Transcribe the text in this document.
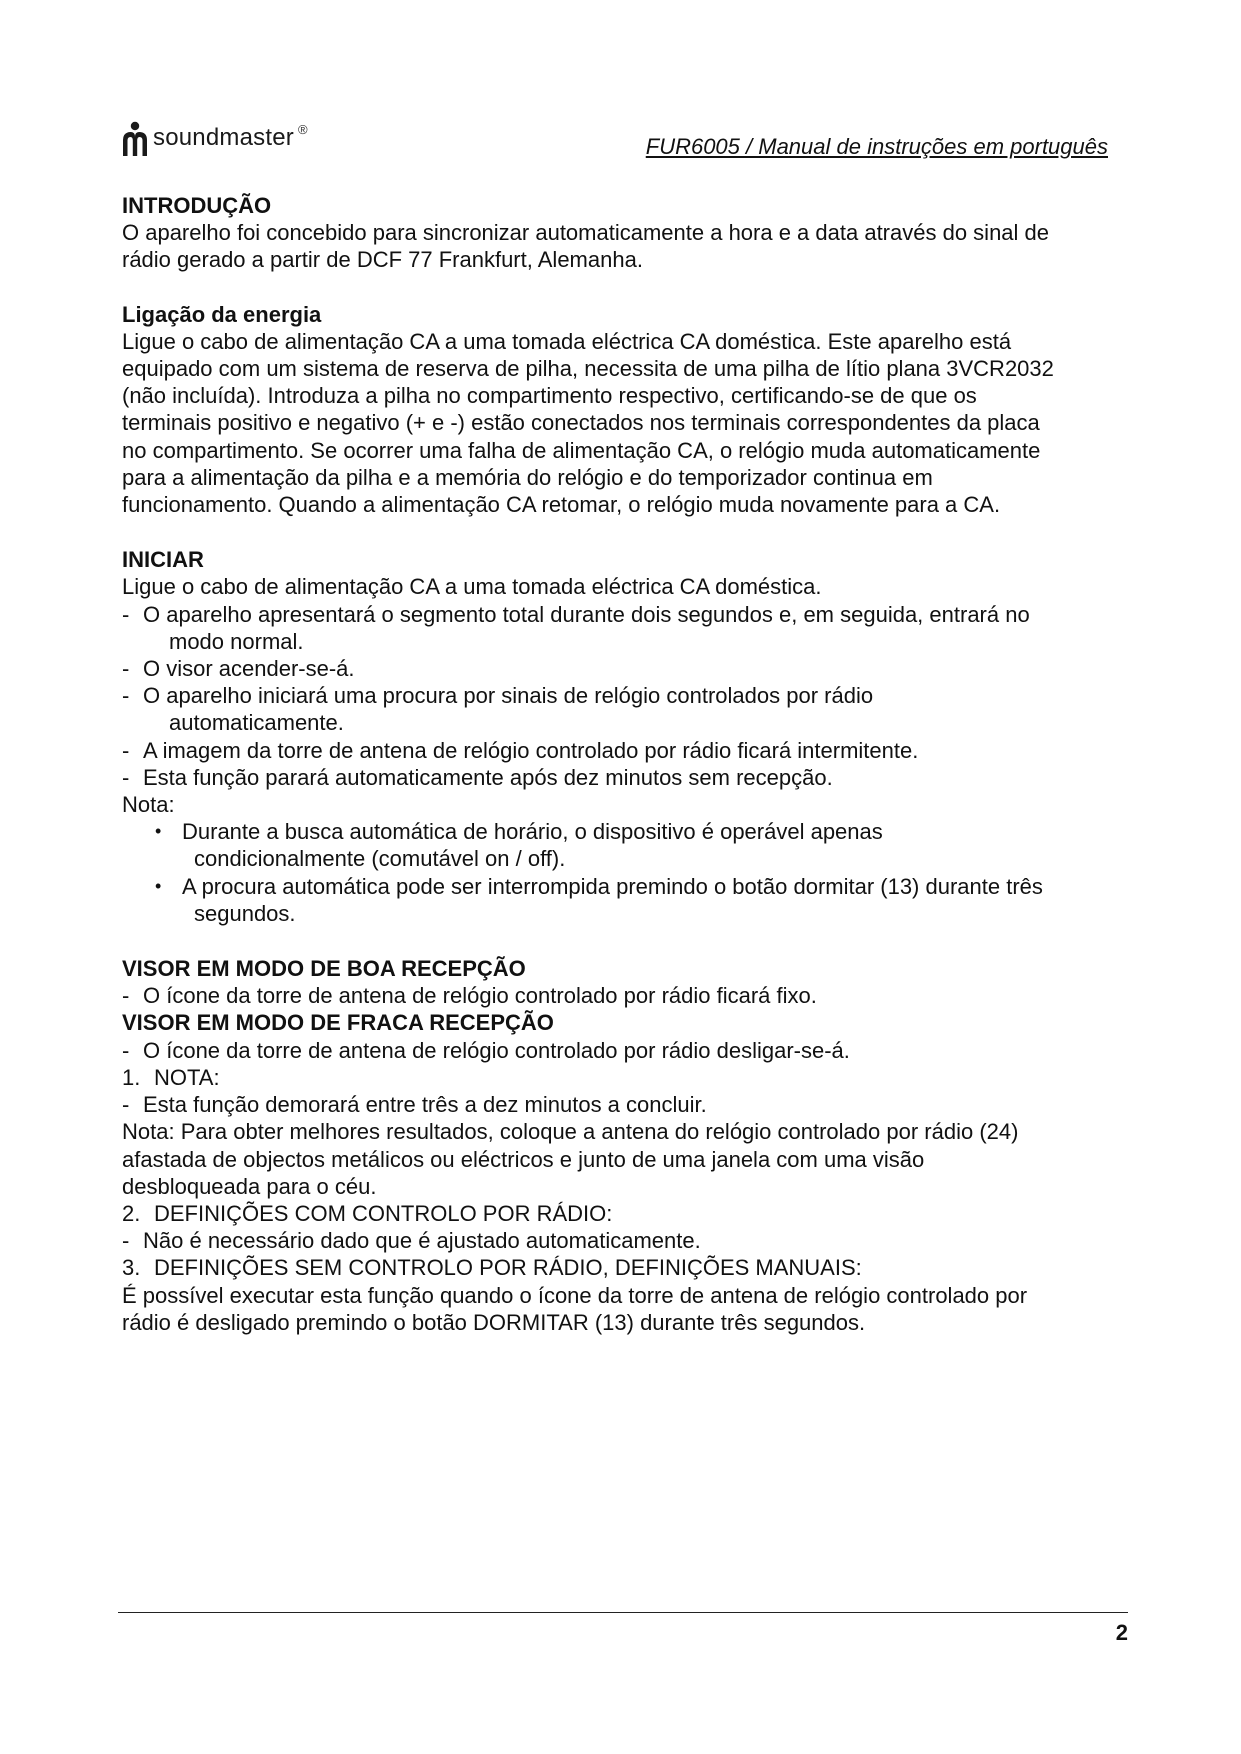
soundmaster ®
FUR6005 / Manual de instruções em português

INTRODUÇÃO

O aparelho foi concebido para sincronizar automaticamente a hora e a data através do sinal de

rádio gerado a partir de DCF 77 Frankfurt, Alemanha.

Ligação da energia

Ligue o cabo de alimentação CA a uma tomada eléctrica CA doméstica. Este aparelho está

equipado com um sistema de reserva de pilha, necessita de uma pilha de lítio plana 3VCR2032

(não incluída). Introduza a pilha no compartimento respectivo, certificando-se de que os

terminais positivo e negativo (+ e -) estão conectados nos terminais correspondentes da placa

no compartimento. Se ocorrer uma falha de alimentação CA, o relógio muda automaticamente

para a alimentação da pilha e a memória do relógio e do temporizador continua em

funcionamento. Quando a alimentação CA retomar, o relógio muda novamente para a CA.

INICIAR

Ligue o cabo de alimentação CA a uma tomada eléctrica CA doméstica.

- O aparelho apresentará o segmento total durante dois segundos e, em seguida, entrará no
modo normal.
- O visor acender-se-á.
- O aparelho iniciará uma procura por sinais de relógio controlados por rádio
automaticamente.
- A imagem da torre de antena de relógio controlado por rádio ficará intermitente.
- Esta função parará automaticamente após dez minutos sem recepção.

Nota:

• Durante a busca automática de horário, o dispositivo é operável apenas
condicionalmente (comutável on / off).
• A procura automática pode ser interrompida premindo o botão dormitar (13) durante três
segundos.

VISOR EM MODO DE BOA RECEPÇÃO

- O ícone da torre de antena de relógio controlado por rádio ficará fixo.

VISOR EM MODO DE FRACA RECEPÇÃO

- O ícone da torre de antena de relógio controlado por rádio desligar-se-á.
1. NOTA:
- Esta função demorará entre três a dez minutos a concluir.

Nota: Para obter melhores resultados, coloque a antena do relógio controlado por rádio (24)

afastada de objectos metálicos ou eléctricos e junto de uma janela com uma visão

desbloqueada para o céu.

2. DEFINIÇÕES COM CONTROLO POR RÁDIO:
- Não é necessário dado que é ajustado automaticamente.
3. DEFINIÇÕES SEM CONTROLO POR RÁDIO, DEFINIÇÕES MANUAIS:

É possível executar esta função quando o ícone da torre de antena de relógio controlado por

rádio é desligado premindo o botão DORMITAR (13) durante três segundos.

2
